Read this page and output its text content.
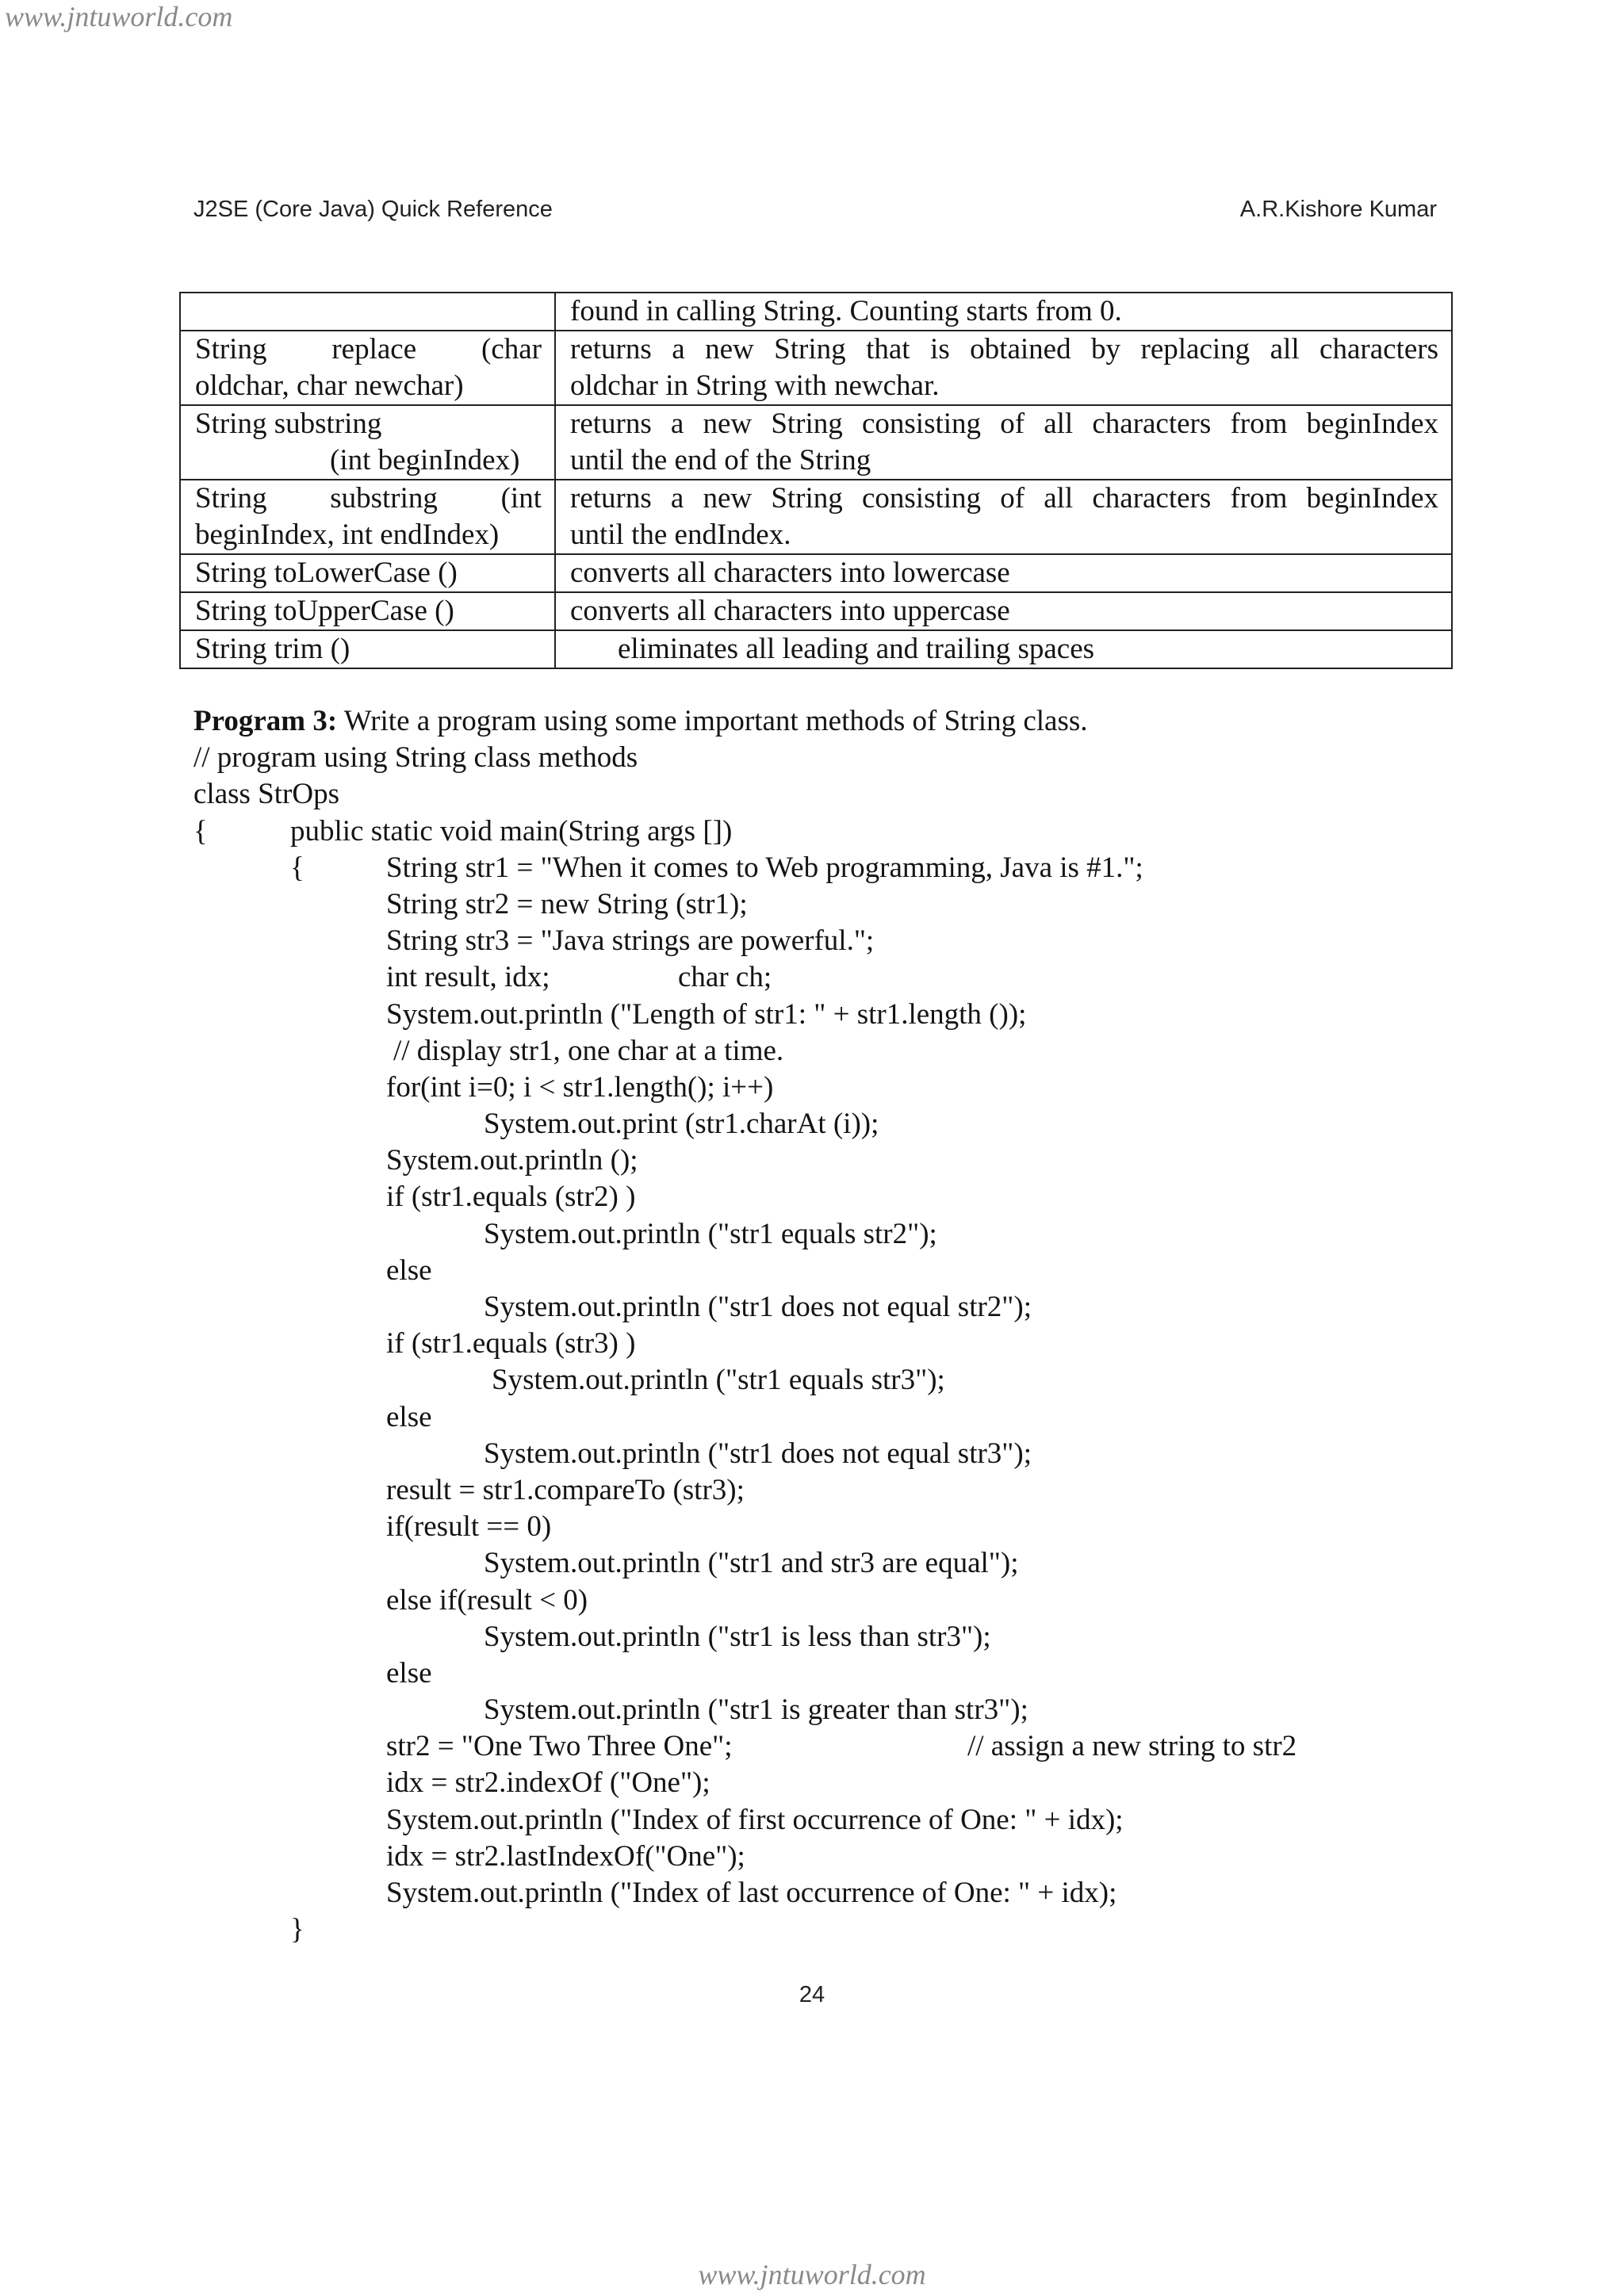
www.jntuworld.com
J2SE (Core Java) Quick Reference	A.R.Kishore Kumar
	found in calling String. Counting starts from 0.

String replace (char
oldchar, char newchar)	returns a new String that is obtained by replacing all characters
oldchar in String with newchar.

String substring
(int beginIndex)	returns a new String consisting of all characters from beginIndex
until the end of the String

String substring (int
beginIndex, int endIndex)	returns a new String consisting of all characters from beginIndex
until the endIndex.

String toLowerCase ()	converts all characters into lowercase
String toUpperCase ()	converts all characters into uppercase
String trim ()	eliminates all leading and trailing spaces
Program 3: Write a program using some important methods of String class.
// program using String class methods
class StrOps
{	public static void main(String args [])
{	String str1 = "When it comes to Web programming, Java is #1.";
String str2 = new String (str1);
String str3 = "Java strings are powerful.";
int result, idx;	char ch;
System.out.println ("Length of str1: " + str1.length ());
// display str1, one char at a time.
for(int i=0; i < str1.length(); i++)
System.out.print (str1.charAt (i));
System.out.println ();
if (str1.equals (str2) )
System.out.println ("str1 equals str2");
else
System.out.println ("str1 does not equal str2");
if (str1.equals (str3) )
System.out.println ("str1 equals str3");
else
System.out.println ("str1 does not equal str3");
result = str1.compareTo (str3);
if(result == 0)
System.out.println ("str1 and str3 are equal");
else if(result < 0)
System.out.println ("str1 is less than str3");
else
System.out.println ("str1 is greater than str3");
str2 = "One Two Three One";	// assign a new string to str2
idx = str2.indexOf ("One");
System.out.println ("Index of first occurrence of One: " + idx);
idx = str2.lastIndexOf("One");
System.out.println ("Index of last occurrence of One: " + idx);
}
24
www.jntuworld.com
